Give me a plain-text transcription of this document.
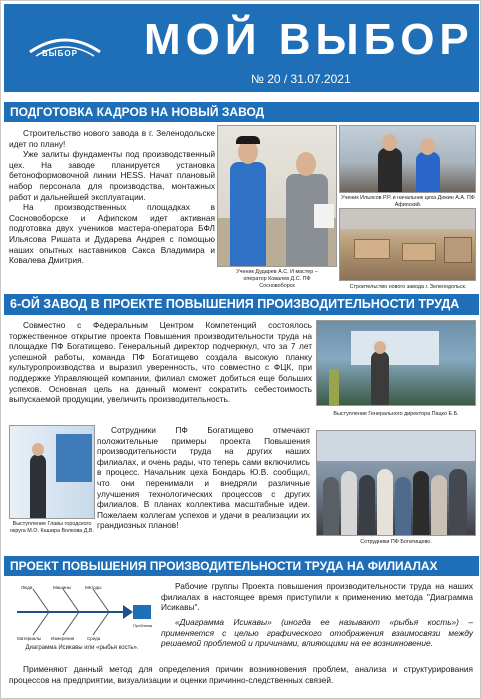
ВЫБОР МОЙ ВЫБОР
№ 20 / 31.07.2021
ПОДГОТОВКА КАДРОВ НА НОВЫЙ ЗАВОД

Строительство нового завода в г. Зеленодольске идет по плану!

Уже залиты фундаменты под производственный цех. На заводе планируется установка бетоноформовочной линии HESS. Начат плановый набор персонала для производства, монтажных работ и дальнейшей эксплуатации.

На производственных площадках в Сосновоборске и Афипском идет активная подготовка двух учеников мастера-оператора БФЛ Ильясова Ришата и Дударева Андрея с помощью наших опытных наставников Сакса Владимира и Ковалева Дмитрия.

Ученик Дударев А.С. И мастер – оператор Ковалев Д.С. ПФ Сосновоборск
Ученик Ильясов Р.Р. и начальник цеха Дюкин А.А. ПФ Афипский.
Строительство нового завода г. Зеленодольск.
6-ОЙ ЗАВОД В ПРОЕКТЕ ПОВЫШЕНИЯ ПРОИЗВОДИТЕЛЬНОСТИ ТРУДА

Совместно с Федеральным Центром Компетенций состоялось торжественное открытие проекта Повышения производительности труда на площадке ПФ Богатищево. Генеральный директор подчеркнул, что за 7 лет успешной работы, команда ПФ Богатищево создала высокую планку культуропроизводства и выразил уверенность, что совместно с ФЦК, при поддержке Управляющей компании, филиал сможет добиться еще больших успехов. Основная цель на данный момент сократить себестоимость выпускаемой продукции, увеличить производительность.

Выступление Генерального директора Пацко Е.Б.
Выступление Главы городского округа М.О. Кашира Волкова Д.В.

Сотрудники ПФ Богатищево отмечают положительные примеры проекта Повышения производительности труда на других наших филиалах, и очень рады, что теперь сами включились в процесс. Начальник цеха Бондарь Ю.В. сообщил, что они перенимали и внедряли различные улучшения технологических процессов с других филиалов. В планах коллектива масштабные идеи. Пожелаем коллегам успехов и удачи в реализации их грандиозных планов!

Сотрудники ПФ Богатищево.
ПРОЕКТ ПОВЫШЕНИЯ ПРОИЗВОДИТЕЛЬНОСТИ ТРУДА НА ФИЛИАЛАХ
Люди	Машины	Методы
Материалы Измерения	Среда
Проблема
Диаграмма Исикавы или «рыбья кость».

Рабочие группы Проекта повышения производительности труда на наших филиалах в настоящее время приступили к применению метода "Диаграмма Исикавы".

«Диаграмма Исикавы» (иногда ее называют «рыбья кость») – применяется с целью графического отображения взаимосвязи между решаемой проблемой и причинами, влияющими на ее возникновение.

Применяют данный метод для определения причин возникновения проблем, анализа и структурирования процессов на предприятии, визуализации и оценки причинно-следственных связей.
